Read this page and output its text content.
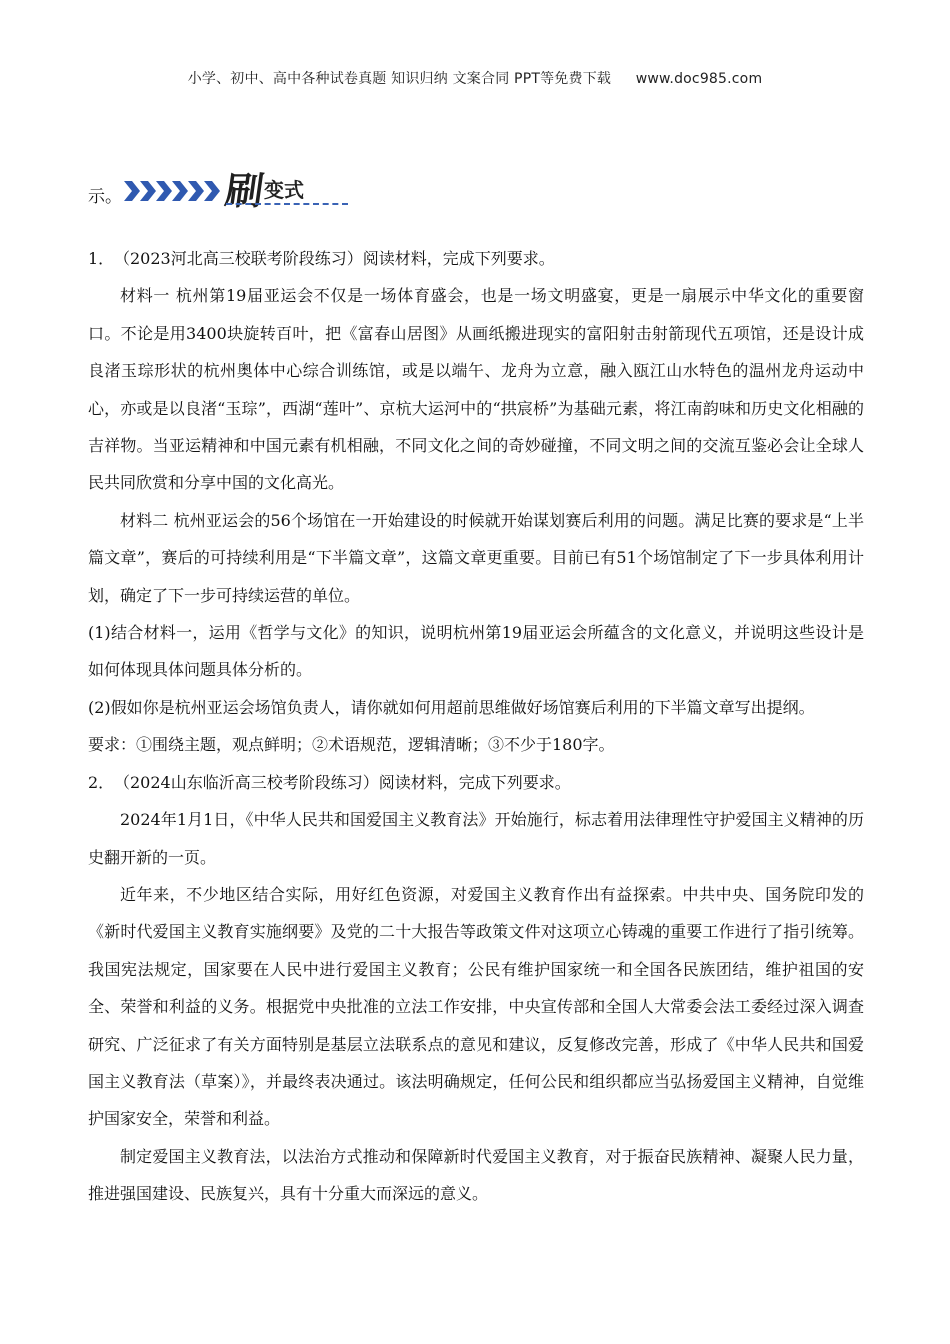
小学、初中、高中各种试卷真题 知识归纳 文案合同 PPT等免费下载 www.doc985.com
示。	刷 变式

1．（2023河北高三校联考阶段练习）阅读材料，完成下列要求。

材料一 杭州第19届亚运会不仅是一场体育盛会，也是一场文明盛宴，更是一扇展示中华文化的重要窗口。不论是用3400块旋转百叶，把《富春山居图》从画纸搬进现实的富阳射击射箭现代五项馆，还是设计成良渚玉琮形状的杭州奥体中心综合训练馆，或是以端午、龙舟为立意，融入瓯江山水特色的温州龙舟运动中心，亦或是以良渚“玉琮”，西湖“莲叶”、京杭大运河中的“拱宸桥”为基础元素，将江南韵味和历史文化相融的吉祥物。当亚运精神和中国元素有机相融，不同文化之间的奇妙碰撞，不同文明之间的交流互鉴必会让全球人民共同欣赏和分享中国的文化高光。

材料二 杭州亚运会的56个场馆在一开始建设的时候就开始谋划赛后利用的问题。满足比赛的要求是“上半篇文章”，赛后的可持续利用是“下半篇文章”，这篇文章更重要。目前已有51个场馆制定了下一步具体利用计划，确定了下一步可持续运营的单位。

(1)结合材料一，运用《哲学与文化》的知识，说明杭州第19届亚运会所蕴含的文化意义，并说明这些设计是如何体现具体问题具体分析的。

(2)假如你是杭州亚运会场馆负责人，请你就如何用超前思维做好场馆赛后利用的下半篇文章写出提纲。

要求：①围绕主题，观点鲜明；②术语规范，逻辑清晰；③不少于180字。

2．（2024山东临沂高三校考阶段练习）阅读材料，完成下列要求。

2024年1月1日，《中华人民共和国爱国主义教育法》开始施行，标志着用法律理性守护爱国主义精神的历史翻开新的一页。

近年来，不少地区结合实际，用好红色资源，对爱国主义教育作出有益探索。中共中央、国务院印发的《新时代爱国主义教育实施纲要》及党的二十大报告等政策文件对这项立心铸魂的重要工作进行了指引统筹。我国宪法规定，国家要在人民中进行爱国主义教育；公民有维护国家统一和全国各民族团结，维护祖国的安全、荣誉和利益的义务。根据党中央批准的立法工作安排，中央宣传部和全国人大常委会法工委经过深入调查研究、广泛征求了有关方面特别是基层立法联系点的意见和建议，反复修改完善，形成了《中华人民共和国爱国主义教育法（草案）》，并最终表决通过。该法明确规定，任何公民和组织都应当弘扬爱国主义精神，自觉维护国家安全，荣誉和利益。

制定爱国主义教育法，以法治方式推动和保障新时代爱国主义教育，对于振奋民族精神、凝聚人民力量，推进强国建设、民族复兴，具有十分重大而深远的意义。
